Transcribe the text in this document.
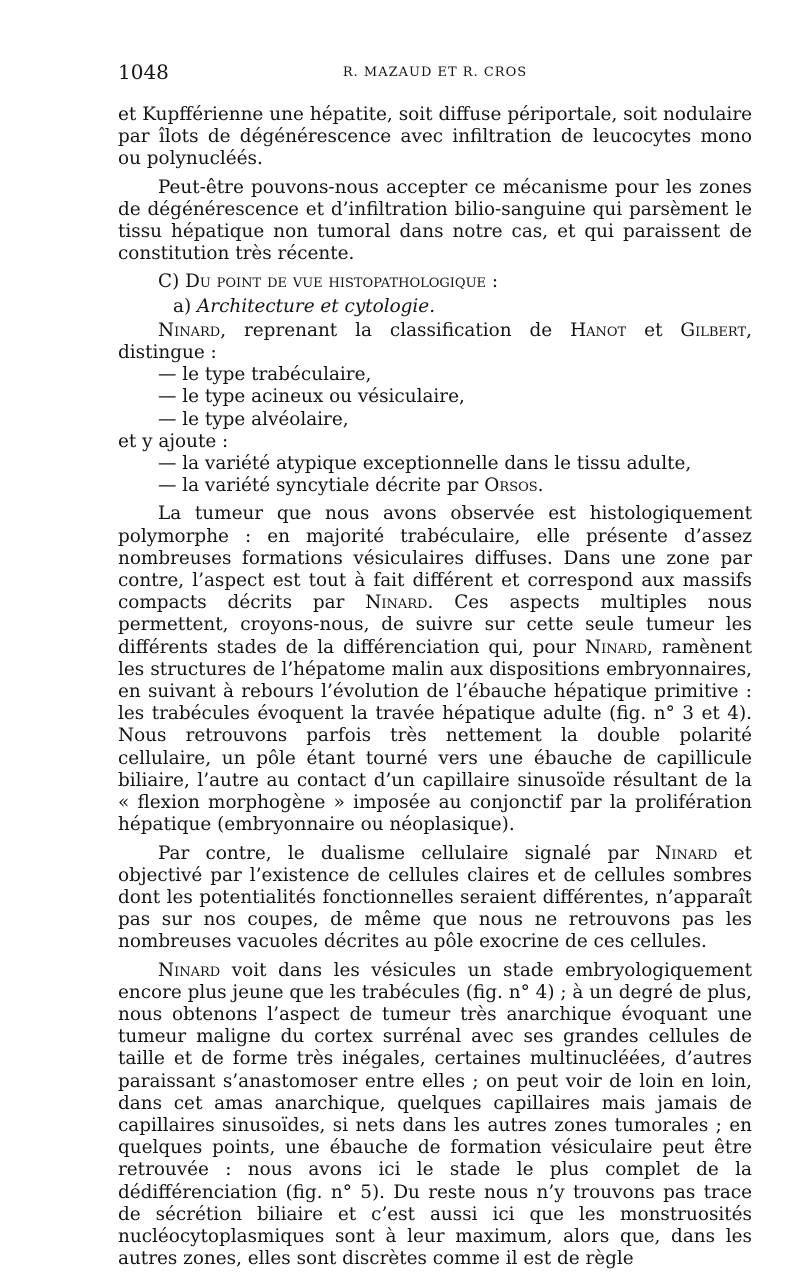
1048	R. MAZAUD ET R. CROS

et Kupfférienne une hépatite, soit diffuse périportale, soit nodulaire par îlots de dégénérescence avec infiltration de leucocytes mono ou polynucléés.

Peut-être pouvons-nous accepter ce mécanisme pour les zones de dégénérescence et d’infiltration bilio-sanguine qui parsèment le tissu hépatique non tumoral dans notre cas, et qui paraissent de constitution très récente.

C) Du point de vue histopathologique :
a) Architecture et cytologie.

Ninard, reprenant la classification de Hanot et Gilbert, distingue :

— le type trabéculaire,
— le type acineux ou vésiculaire,
— le type alvéolaire,

et y ajoute :

— la variété atypique exceptionnelle dans le tissu adulte,
— la variété syncytiale décrite par Orsos.

La tumeur que nous avons observée est histologiquement polymorphe : en majorité trabéculaire, elle présente d’assez nombreuses formations vésiculaires diffuses. Dans une zone par contre, l’aspect est tout à fait différent et correspond aux massifs compacts décrits par Ninard. Ces aspects multiples nous permettent, croyons-nous, de suivre sur cette seule tumeur les différents stades de la différenciation qui, pour Ninard, ramènent les structures de l’hépatome malin aux dispositions embryonnaires, en suivant à rebours l’évolution de l’ébauche hépatique primitive : les trabécules évoquent la travée hépatique adulte (fig. n° 3 et 4). Nous retrouvons parfois très nettement la double polarité cellulaire, un pôle étant tourné vers une ébauche de capillicule biliaire, l’autre au contact d’un capillaire sinusoïde résultant de la « flexion morphogène » imposée au conjonctif par la prolifération hépatique (embryonnaire ou néoplasique).

Par contre, le dualisme cellulaire signalé par Ninard et objectivé par l’existence de cellules claires et de cellules sombres dont les potentialités fonctionnelles seraient différentes, n’apparaît pas sur nos coupes, de même que nous ne retrouvons pas les nombreuses vacuoles décrites au pôle exocrine de ces cellules.

Ninard voit dans les vésicules un stade embryologiquement encore plus jeune que les trabécules (fig. n° 4) ; à un degré de plus, nous obtenons l’aspect de tumeur très anarchique évoquant une tumeur maligne du cortex surrénal avec ses grandes cellules de taille et de forme très inégales, certaines multinucléées, d’autres paraissant s’anastomoser entre elles ; on peut voir de loin en loin, dans cet amas anarchique, quelques capillaires mais jamais de capillaires sinusoïdes, si nets dans les autres zones tumorales ; en quelques points, une ébauche de formation vésiculaire peut être retrouvée : nous avons ici le stade le plus complet de la dédifférenciation (fig. n° 5). Du reste nous n’y trouvons pas trace de sécrétion biliaire et c’est aussi ici que les monstruosités nucléocytoplasmiques sont à leur maximum, alors que, dans les autres zones, elles sont discrètes comme il est de règle
